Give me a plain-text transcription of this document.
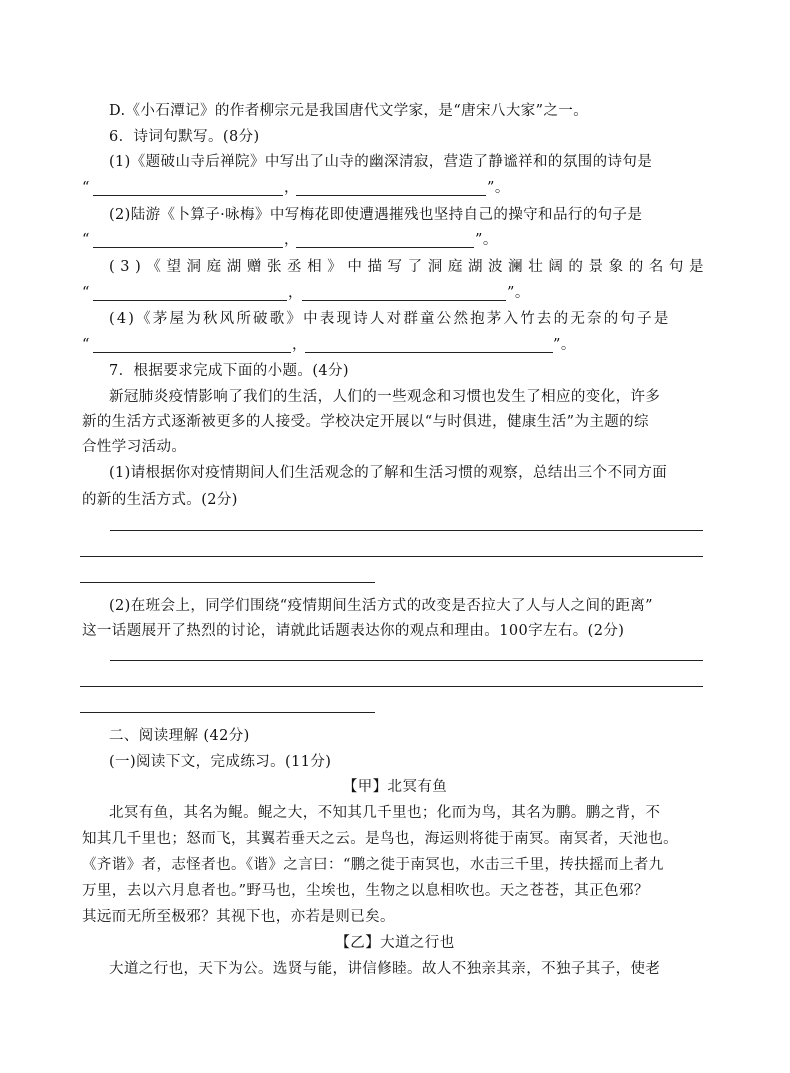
D.《小石潭记》的作者柳宗元是我国唐代文学家，是“唐宋八大家”之一。
6．诗词句默写。(8分)
(1)《题破山寺后禅院》中写出了山寺的幽深清寂，营造了静谧祥和的氛围的诗句是
“	，	”。
(2)陆游《卜算子·咏梅》中写梅花即使遭遇摧残也坚持自己的操守和品行的句子是
“	，	”。
(3)《望洞庭湖赠张丞相》中描写了洞庭湖波澜壮阔的景象的名句是
“	，	”。
(4)《茅屋为秋风所破歌》中表现诗人对群童公然抱茅入竹去的无奈的句子是
“	，	”。
7．根据要求完成下面的小题。(4分)
新冠肺炎疫情影响了我们的生活，人们的一些观念和习惯也发生了相应的变化，许多
新的生活方式逐渐被更多的人接受。学校决定开展以“与时俱进，健康生活”为主题的综
合性学习活动。
(1)请根据你对疫情期间人们生活观念的了解和生活习惯的观察，总结出三个不同方面
的新的生活方式。(2分)
(2)在班会上，同学们围绕“疫情期间生活方式的改变是否拉大了人与人之间的距离”
这一话题展开了热烈的讨论，请就此话题表达你的观点和理由。100字左右。(2分)
二、阅读理解 (42分)
(一)阅读下文，完成练习。(11分)
【甲】北冥有鱼
北冥有鱼，其名为鲲。鲲之大，不知其几千里也；化而为鸟，其名为鹏。鹏之背，不
知其几千里也；怒而飞，其翼若垂天之云。是鸟也，海运则将徙于南冥。南冥者，天池也。
《齐谐》者，志怪者也。《谐》之言曰：“鹏之徙于南冥也，水击三千里，抟扶摇而上者九
万里，去以六月息者也。”野马也，尘埃也，生物之以息相吹也。天之苍苍，其正色邪？
其远而无所至极邪？其视下也，亦若是则已矣。
【乙】大道之行也
大道之行也，天下为公。选贤与能，讲信修睦。故人不独亲其亲，不独子其子，使老
